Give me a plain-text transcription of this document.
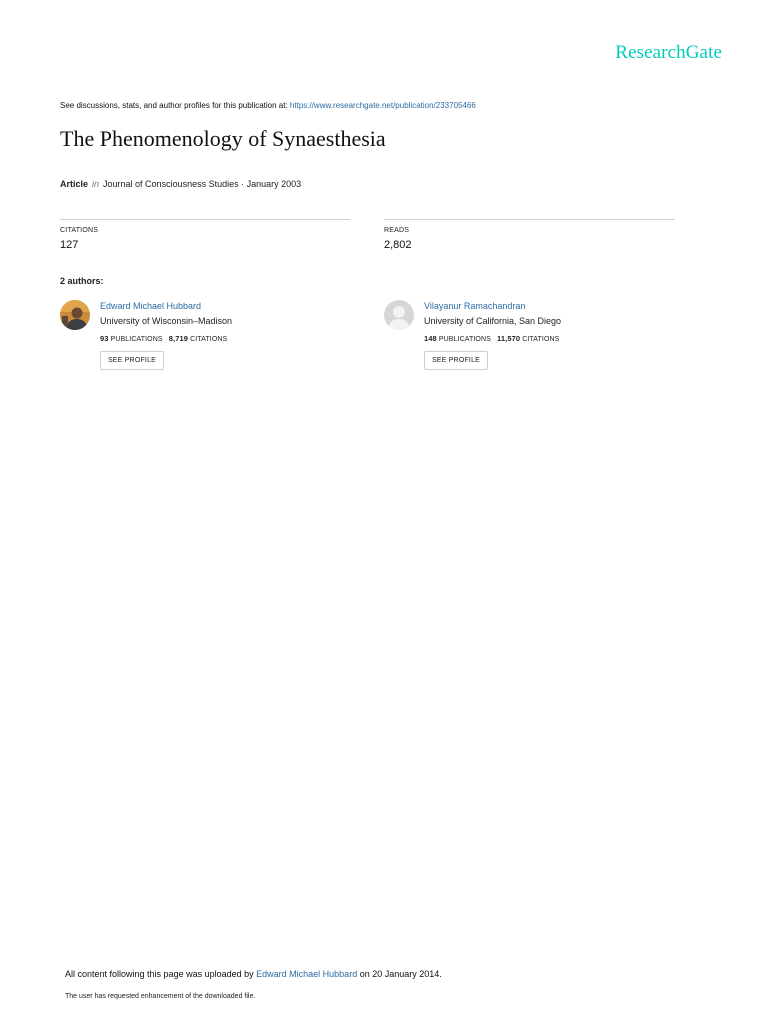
ResearchGate
See discussions, stats, and author profiles for this publication at: https://www.researchgate.net/publication/233705466
The Phenomenology of Synaesthesia
Article in Journal of Consciousness Studies · January 2003
CITATIONS
127
READS
2,802
2 authors:
Edward Michael Hubbard
University of Wisconsin–Madison
93 PUBLICATIONS 8,719 CITATIONS
SEE PROFILE
Vilayanur Ramachandran
University of California, San Diego
148 PUBLICATIONS 11,570 CITATIONS
SEE PROFILE
All content following this page was uploaded by Edward Michael Hubbard on 20 January 2014.
The user has requested enhancement of the downloaded file.
